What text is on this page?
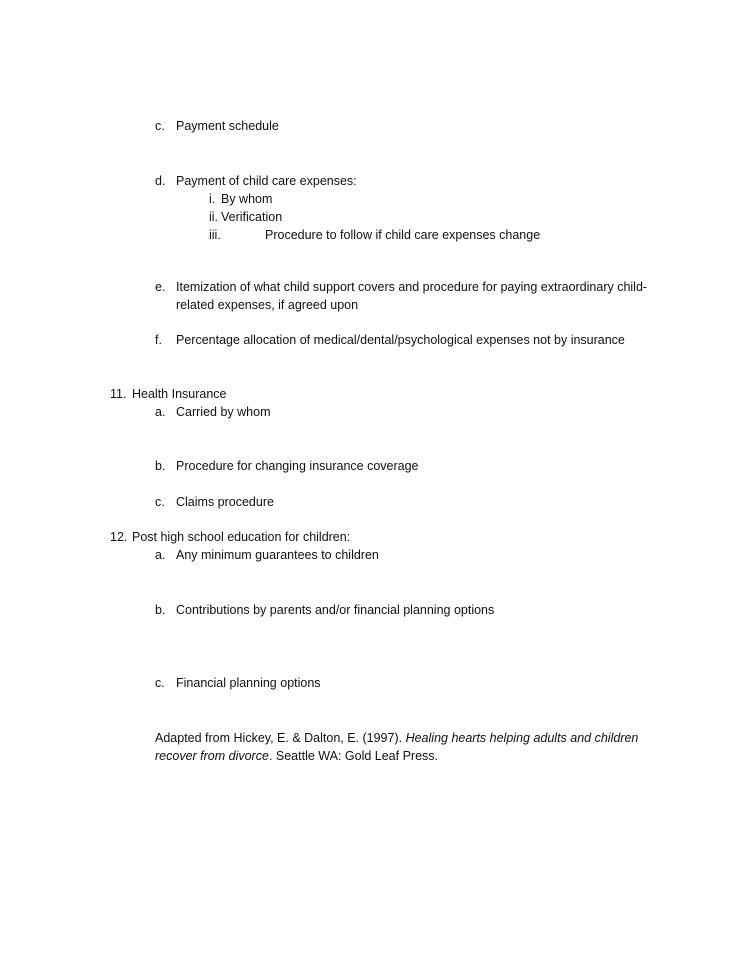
c. Payment schedule
d. Payment of child care expenses:
i. By whom
ii. Verification
iii.	Procedure to follow if child care expenses change
e. Itemization of what child support covers and procedure for paying extraordinary child-
related expenses, if agreed upon
f. Percentage allocation of medical/dental/psychological expenses not by insurance
11. Health Insurance
a. Carried by whom
b. Procedure for changing insurance coverage
c. Claims procedure
12. Post high school education for children:
a. Any minimum guarantees to children
b. Contributions by parents and/or financial planning options
c. Financial planning options
Adapted from Hickey, E. & Dalton, E. (1997). Healing hearts helping adults and children
recover from divorce. Seattle WA: Gold Leaf Press.
